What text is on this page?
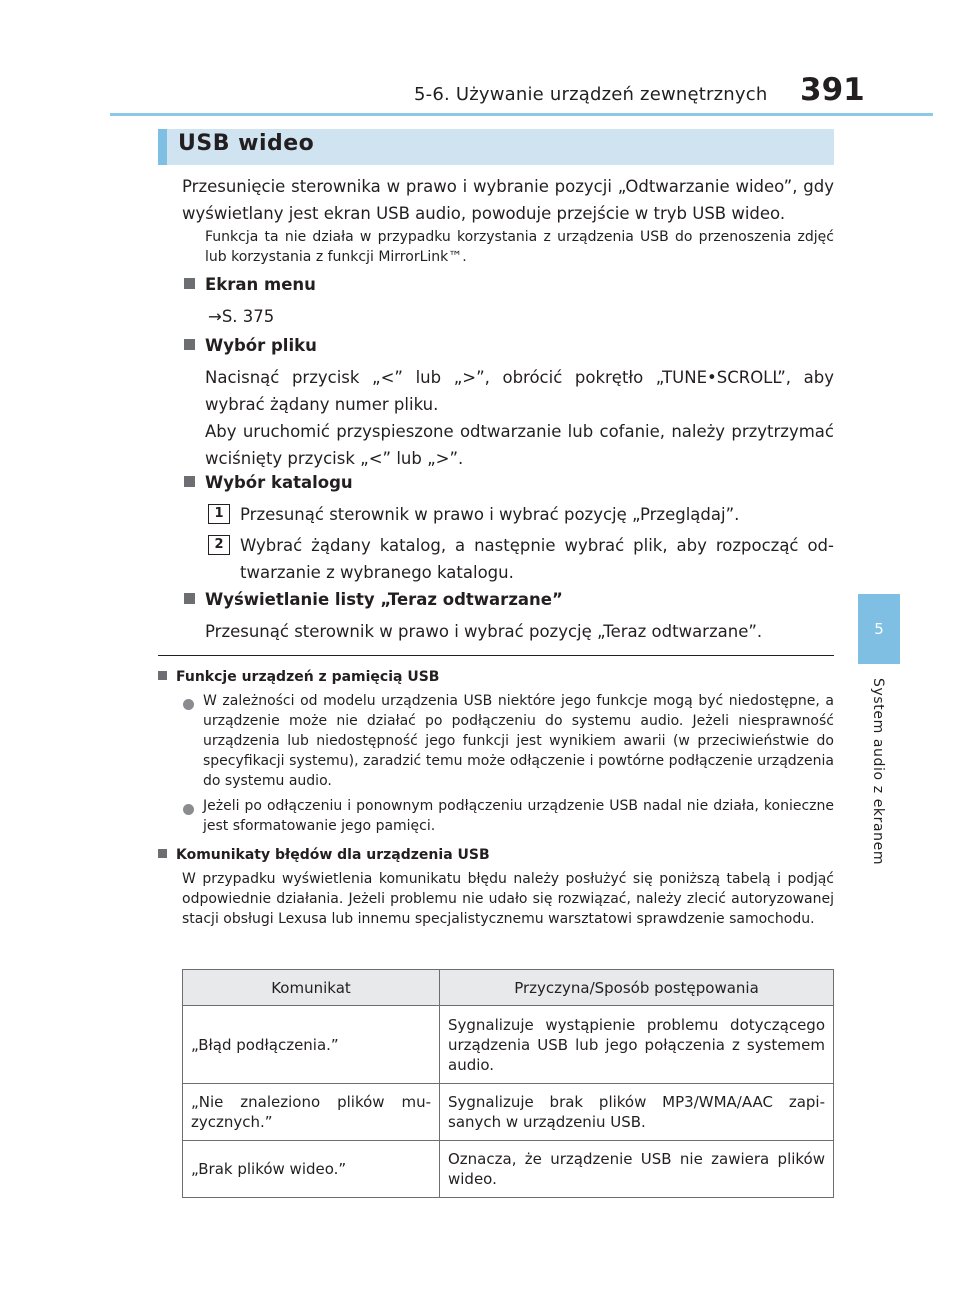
5-6. Używanie urządzeń zewnętrznych 391
5
System audio z ekranem
USB wideo
Przesunięcie sterownika w prawo i wybranie pozycji „Odtwarzanie wideo”, gdy wyświetlany jest ekran USB audio, powoduje przejście w tryb USB wideo.
Funkcja ta nie działa w przypadku korzystania z urządzenia USB do przenoszenia zdjęć lub korzystania z funkcji MirrorLink™.
Ekran menu
→S. 375
Wybór pliku
Nacisnąć przycisk „<” lub „>”, obrócić pokrętło „TUNE•SCROLL”, aby wybrać żądany numer pliku.
Aby uruchomić przyspieszone odtwarzanie lub cofanie, należy przytrzymać wciśnięty przycisk „<” lub „>”.
Wybór katalogu
1 Przesunąć sterownik w prawo i wybrać pozycję „Przeglądaj”.
2 Wybrać żądany katalog, a następnie wybrać plik, aby rozpocząć odtwarzanie z wybranego katalogu.
Wyświetlanie listy „Teraz odtwarzane”
Przesunąć sterownik w prawo i wybrać pozycję „Teraz odtwarzane”.
Funkcje urządzeń z pamięcią USB
W zależności od modelu urządzenia USB niektóre jego funkcje mogą być niedostępne, a urządzenie może nie działać po podłączeniu do systemu audio. Jeżeli niesprawność urządzenia lub niedostępność jego funkcji jest wynikiem awarii (w przeciwieństwie do specyfikacji systemu), zaradzić temu może odłączenie i powtórne podłączenie urządzenia do systemu audio.
Jeżeli po odłączeniu i ponownym podłączeniu urządzenie USB nadal nie działa, konieczne jest sformatowanie jego pamięci.
Komunikaty błędów dla urządzenia USB
W przypadku wyświetlenia komunikatu błędu należy posłużyć się poniższą tabelą i podjąć odpowiednie działania. Jeżeli problemu nie udało się rozwiązać, należy zlecić autoryzowanej stacji obsługi Lexusa lub innemu specjalistycznemu warsztatowi sprawdzenie samochodu.
Komunikat	Przyczyna/Sposób postępowania
„Błąd podłączenia.”	Sygnalizuje wystąpienie problemu dotyczącego urządzenia USB lub jego połączenia z systemem audio.
„Nie znaleziono plików muzycznych.”	Sygnalizuje brak plików MP3/WMA/AAC zapisanych w urządzeniu USB.
„Brak plików wideo.”	Oznacza, że urządzenie USB nie zawiera plików wideo.
